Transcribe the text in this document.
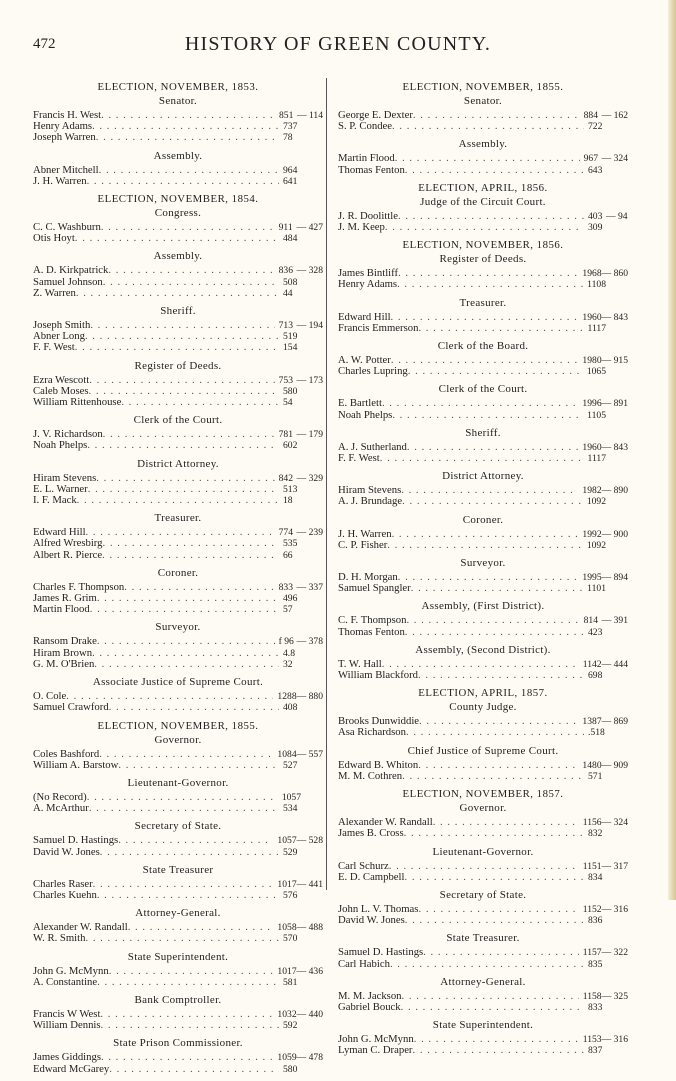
472	HISTORY OF GREEN COUNTY.
ELECTION, NOVEMBER, 1853.
Senator.
Francis H. West . . .	851 — 114
Henry Adams . . .	737
Joseph Warren . . .	78
Assembly.
Abner Mitchell . . .	964
J. H. Warren . . .	641
ELECTION, NOVEMBER, 1854.
Congress.
C. C. Washburn . . .	911 — 427
Otis Hoyt . . .	484
Assembly.
A. D. Kirkpatrick . . .	836 — 328
Samuel Johnson . . .	508
Z. Warren . . .	44
Sheriff.
Joseph Smith . . .	713 — 194
Abner Long . . .	519
F. F. West . . .	154
Register of Deeds.
Ezra Wescott . . .	753 — 173
Caleb Moses . . .	580
William Rittenhouse . . .	54
Clerk of the Court.
J. V. Richardson . . .	781 — 179
Noah Phelps . . .	602
District Attorney.
Hiram Stevens . . .	842 — 329
E. L. Warner . . .	513
I. F. Mack . . .	18
Treasurer.
Edward Hill . . .	774 — 239
Alfred Wresbirg . . .	535
Albert R. Pierce . . .	66
Coroner.
Charles F. Thompson . . .	833 — 337
James R. Grim . . .	496
Martin Flood . . .	57
Surveyor.
Ransom Drake . . .	f 96 — 378
Hiram Brown . . .	4.8
G. M. O'Brien . . .	32
Associate Justice of Supreme Court.
O. Cole . . .	1288 — 880
Samuel Crawford . . .	408
ELECTION, NOVEMBER, 1855.
Governor.
Coles Bashford . . .	1084 — 557
William A. Barstow . . .	527
Lieutenant-Governor.
(No Record) . . .	1057
A. McArthur . . .	534
Secretary of State.
Samuel D. Hastings . . .	1057 — 528
David W. Jones . . .	529
State Treasurer
Charles Raser . . .	1017 — 441
Charles Kuehn . . .	576
Attorney-General.
Alexander W. Randall . . .	1058 — 488
W. R. Smith . . .	570
State Superintendent.
John G. McMynn . . .	1017 — 436
A. Constantine . . .	581
Bank Comptroller.
Francis W West . . .	1032 — 440
William Dennis . . .	592
State Prison Commissioner.
James Giddings . . .	1059 — 478
Edward McGarey . . .	580
ELECTION, NOVEMBER, 1855.
Senator.
George E. Dexter . . .	884 — 162
S. P. Condee . . .	722
Assembly.
Martin Flood . . .	967 — 324
Thomas Fenton . . .	643
ELECTION, APRIL, 1856.
Judge of the Circuit Court.
J. R. Doolittle . . .	403 — 94
J. M. Keep . . .	309
ELECTION, NOVEMBER, 1856.
Register of Deeds.
James Bintliff . . .	1968 — 860
Henry Adams . . .	1108
Treasurer.
Edward Hill . . .	1960 — 843
Francis Emmerson . . .	1117
Clerk of the Board.
A. W. Potter . . .	1980 — 915
Charles Lupring . . .	1065
Clerk of the Court.
E. Bartlett . . .	1996 — 891
Noah Phelps . . .	1105
Sheriff.
A. J. Sutherland . . .	1960 — 843
F. F. West . . .	1117
District Attorney.
Hiram Stevens . . .	1982 — 890
A. J. Brundage . . .	1092
Coroner.
J. H. Warren . . .	1992 — 900
C. P. Fisher . . .	1092
Surveyor.
D. H. Morgan . . .	1995 — 894
Samuel Spangler . . .	1101
Assembly, (First District).
C. F. Thompson . . .	814 — 391
Thomas Fenton . . .	423
Assembly, (Second District).
T. W. Hall . . .	1142 — 444
William Blackford . . .	698
ELECTION, APRIL, 1857.
County Judge.
Brooks Dunwiddie . . .	1387 — 869
Asa Richardson . . .	.518
Chief Justice of Supreme Court.
Edward B. Whiton . . .	1480 — 909
M. M. Cothren . . .	571
ELECTION, NOVEMBER, 1857.
Governor.
Alexander W. Randall . . .	1156 — 324
James B. Cross . . .	832
Lieutenant-Governor.
Carl Schurz . . .	1151 — 317
E. D. Campbell . . .	834
Secretary of State.
John L. V. Thomas . . .	1152 — 316
David W. Jones . . .	836
State Treasurer.
Samuel D. Hastings . . .	1157 — 322
Carl Habich . . .	835
Attorney-General.
M. M. Jackson . . .	1158 — 325
Gabriel Bouck . . .	833
State Superintendent.
John G. McMynn . . .	1153 — 316
Lyman C. Draper . . .	837
